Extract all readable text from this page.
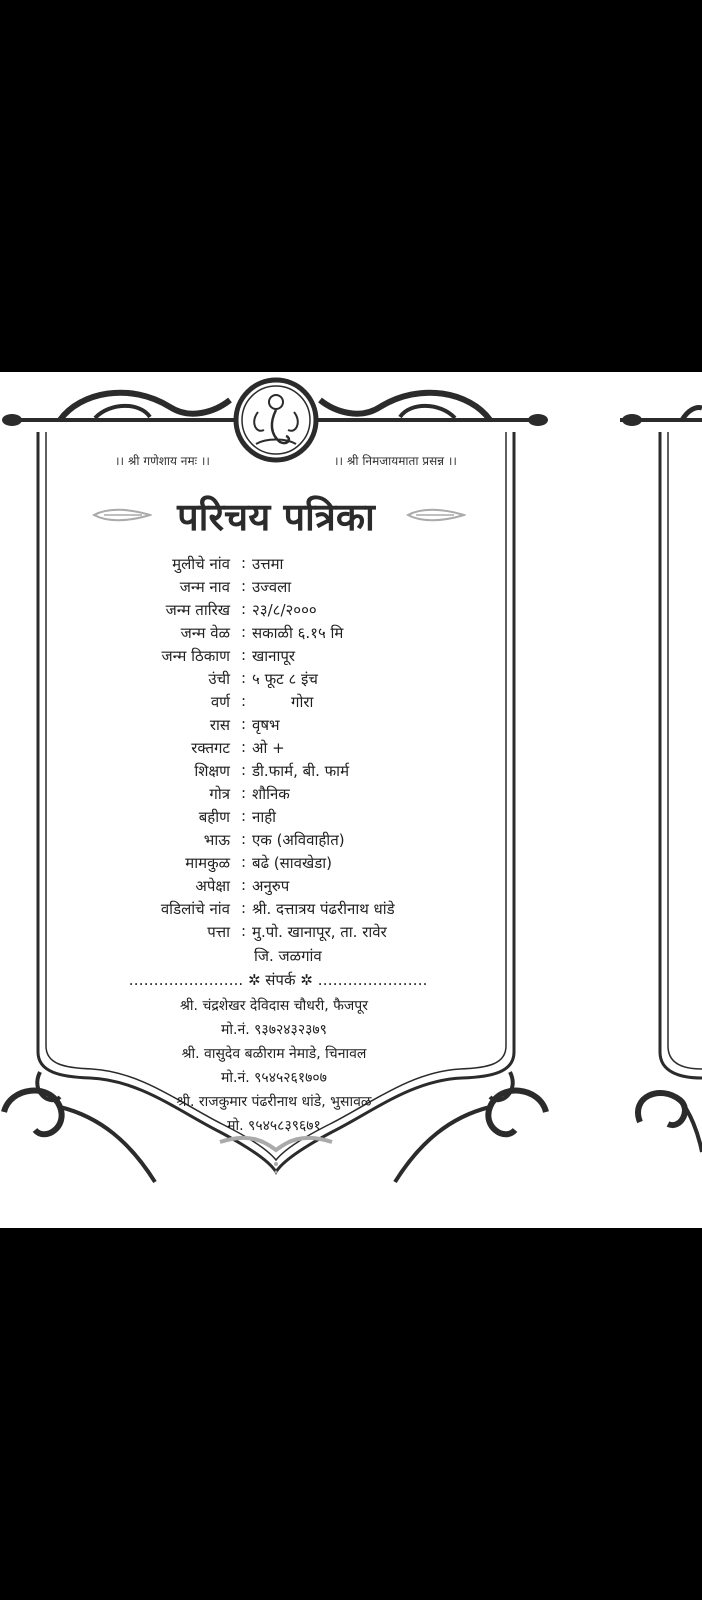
।। श्री गणेशाय नमः ।।	।। श्री निमजायमाता प्रसन्न ।।
परिचय पत्रिका
मुलीचे नांव : उत्तमा
जन्म नाव : उज्वला
जन्म तारिख : २३/८/२०००
जन्म वेळ : सकाळी ६.१५ मि
जन्म ठिकाण : खानापूर
उंची : ५ फूट ८ इंच
वर्ण :	गोरा
रास : वृषभ
रक्तगट : ओ +
शिक्षण : डी.फार्म, बी. फार्म
गोत्र : शौनिक
बहीण : नाही
भाऊ : एक (अविवाहीत)
मामकुळ : बढे (सावखेडा)
अपेक्षा : अनुरुप
वडिलांचे नांव : श्री. दत्तात्रय पंढरीनाथ धांडे
पत्ता : मु.पो. खानापूर, ता. रावेर
जि. जळगांव
………………….. ✲ संपर्क ✲ ………………….
श्री. चंद्रशेखर देविदास चौधरी, फैजपूर
मो.नं. ९३७२४३२३७९
श्री. वासुदेव बळीराम नेमाडे, चिनावल
मो.नं. ९५४५२६१७०७
श्री. राजकुमार पंढरीनाथ धांडे, भुसावळ
मो. ९५४५८३९६७१
